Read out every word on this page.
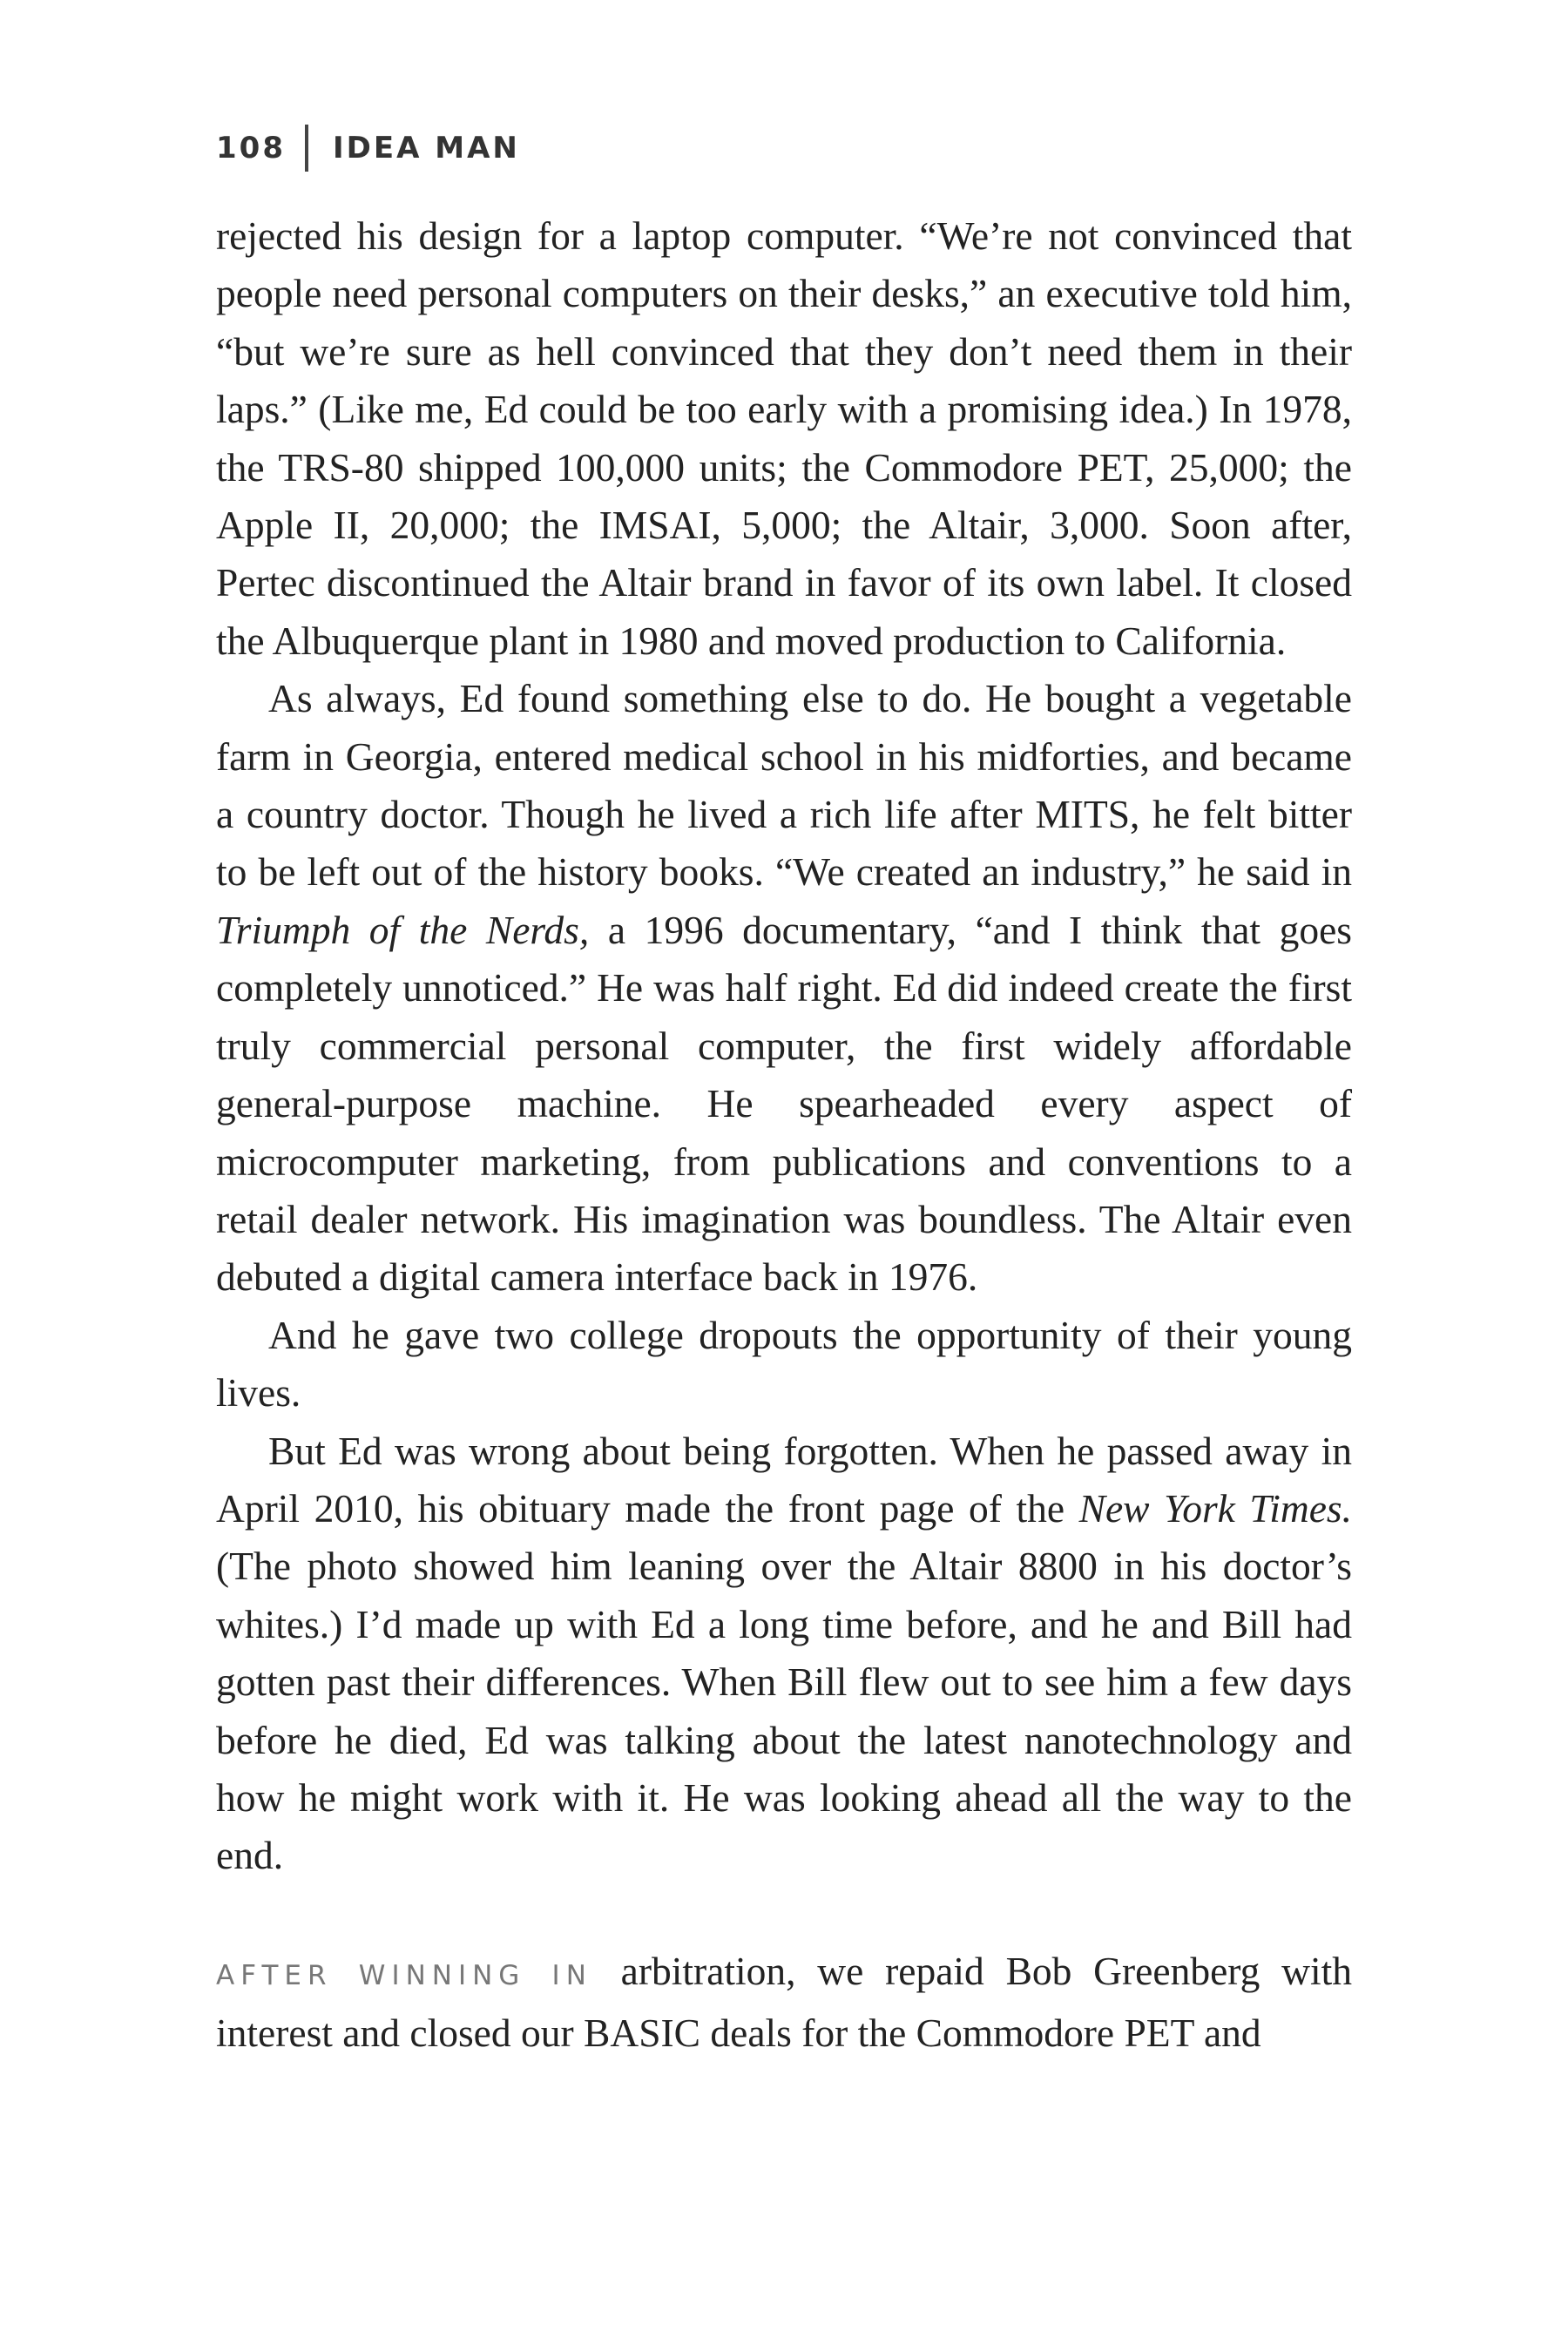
108 IDEA MAN

rejected his design for a laptop computer. “We’re not convinced that people need personal computers on their desks,” an executive told him, “but we’re sure as hell convinced that they don’t need them in their laps.” (Like me, Ed could be too early with a promising idea.) In 1978, the TRS-80 shipped 100,000 units; the Commodore PET, 25,000; the Apple II, 20,000; the IMSAI, 5,000; the Altair, 3,000. Soon after, Pertec discontinued the Altair brand in favor of its own label. It closed the Albuquerque plant in 1980 and moved production to California.

As always, Ed found something else to do. He bought a vegetable farm in Georgia, entered medical school in his midforties, and became a country doctor. Though he lived a rich life after MITS, he felt bitter to be left out of the history books. “We created an industry,” he said in Triumph of the Nerds, a 1996 documentary, “and I think that goes completely unnoticed.” He was half right. Ed did indeed create the first truly commercial personal computer, the first widely affordable general-purpose machine. He spearheaded every aspect of microcomputer marketing, from publications and conventions to a retail dealer network. His imagination was boundless. The Altair even debuted a digital camera interface back in 1976.

And he gave two college dropouts the opportunity of their young lives.

But Ed was wrong about being forgotten. When he passed away in April 2010, his obituary made the front page of the New York Times. (The photo showed him leaning over the Altair 8800 in his doctor’s whites.) I’d made up with Ed a long time before, and he and Bill had gotten past their differences. When Bill flew out to see him a few days before he died, Ed was talking about the latest nanotechnology and how he might work with it. He was looking ahead all the way to the end.

AFTER WINNING IN arbitration, we repaid Bob Greenberg with interest and closed our BASIC deals for the Commodore PET and
